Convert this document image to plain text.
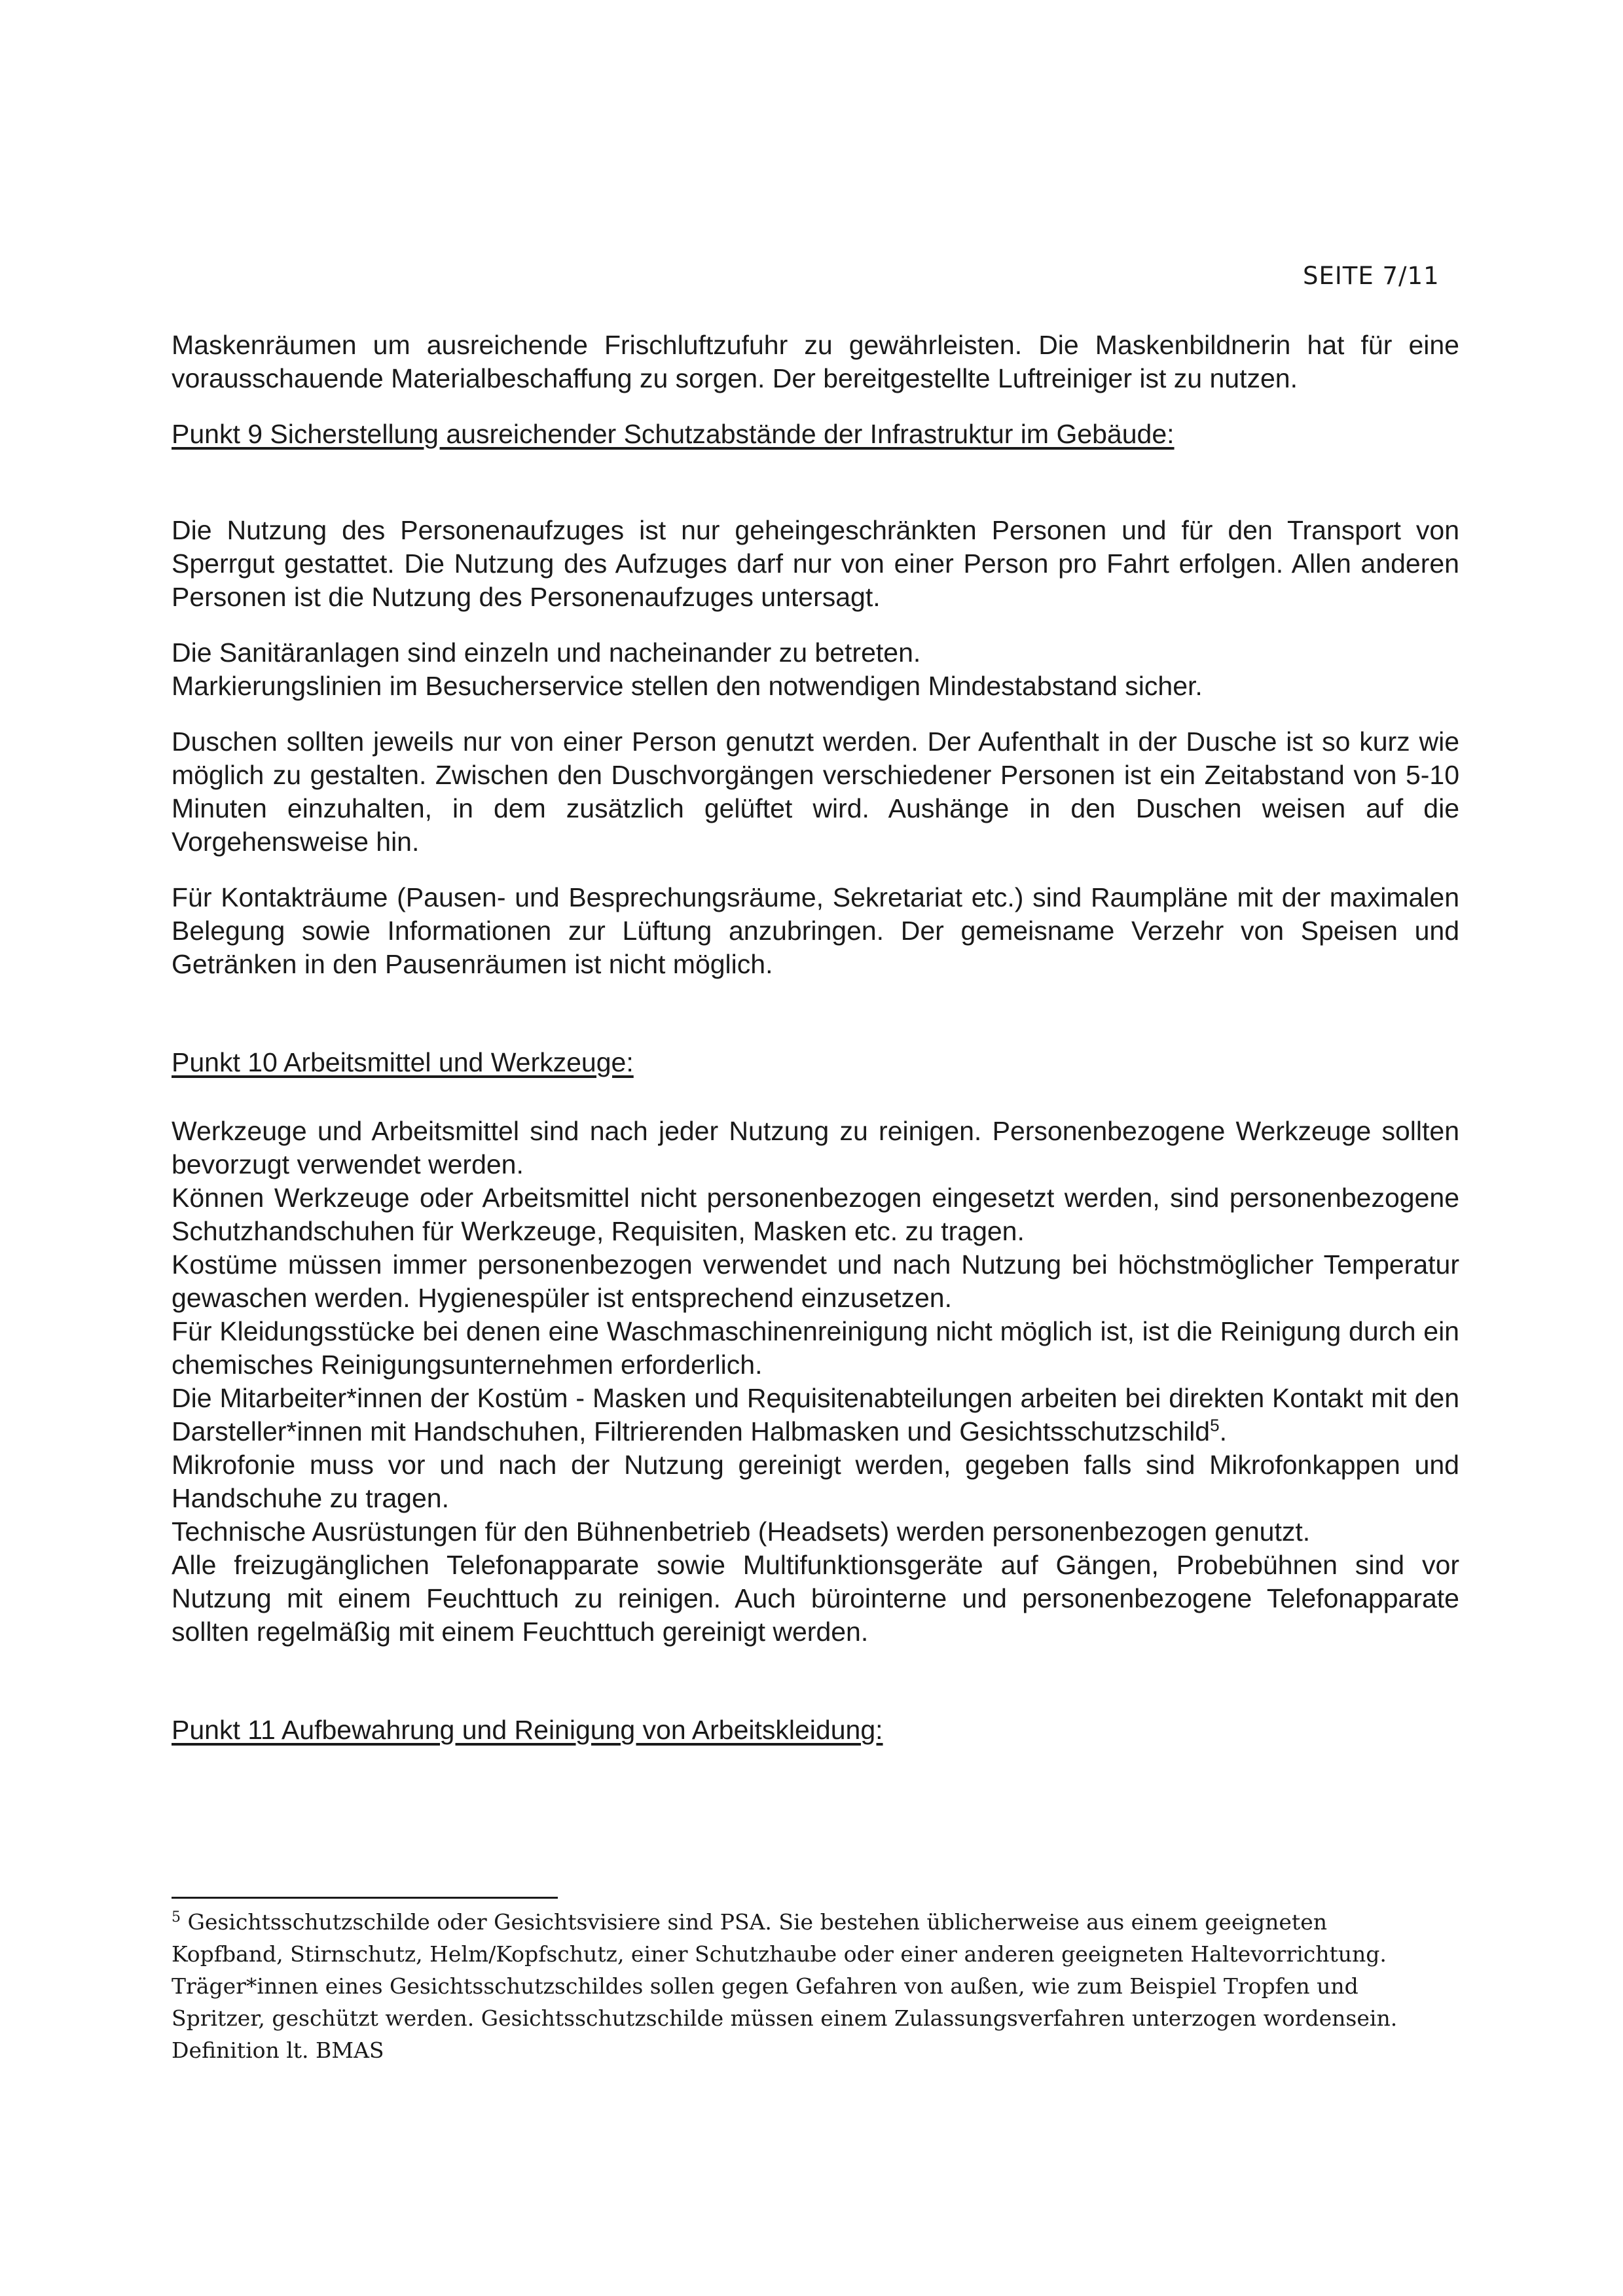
SEITE 7/11

Maskenräumen um ausreichende Frischluftzufuhr zu gewährleisten. Die Maskenbildnerin hat für eine vorausschauende Materialbeschaffung zu sorgen. Der bereitgestellte Luftreiniger ist zu nutzen.

Punkt 9 Sicherstellung ausreichender Schutzabstände der Infrastruktur im Gebäude:

Die Nutzung des Personenaufzuges ist nur geheingeschränkten Personen und für den Transport von Sperrgut gestattet. Die Nutzung des Aufzuges darf nur von einer Person pro Fahrt erfolgen. Allen anderen Personen ist die Nutzung des Personenaufzuges untersagt.

Die Sanitäranlagen sind einzeln und nacheinander zu betreten.

Markierungslinien im Besucherservice stellen den notwendigen Mindestabstand sicher.

Duschen sollten jeweils nur von einer Person genutzt werden. Der Aufenthalt in der Dusche ist so kurz wie möglich zu gestalten. Zwischen den Duschvorgängen verschiedener Personen ist ein Zeitabstand von 5-10 Minuten einzuhalten, in dem zusätzlich gelüftet wird. Aushänge in den Duschen weisen auf die Vorgehensweise hin.

Für Kontakträume (Pausen- und Besprechungsräume, Sekretariat etc.) sind Raumpläne mit der maximalen Belegung sowie Informationen zur Lüftung anzubringen. Der gemeisname Verzehr von Speisen und Getränken in den Pausenräumen ist nicht möglich.

Punkt 10 Arbeitsmittel und Werkzeuge:

Werkzeuge und Arbeitsmittel sind nach jeder Nutzung zu reinigen. Personenbezogene Werkzeuge sollten bevorzugt verwendet werden.

Können Werkzeuge oder Arbeitsmittel nicht personenbezogen eingesetzt werden, sind personenbezogene Schutzhandschuhen für Werkzeuge, Requisiten, Masken etc. zu tragen.

Kostüme müssen immer personenbezogen verwendet und nach Nutzung bei höchstmöglicher Temperatur gewaschen werden. Hygienespüler ist entsprechend einzusetzen.

Für Kleidungsstücke bei denen eine Waschmaschinenreinigung nicht möglich ist, ist die Reinigung durch ein chemisches Reinigungsunternehmen erforderlich.

Die Mitarbeiter*innen der Kostüm - Masken und Requisitenabteilungen arbeiten bei direkten Kontakt mit den Darsteller*innen mit Handschuhen, Filtrierenden Halbmasken und Gesichtsschutzschild$^5$.

Mikrofonie muss vor und nach der Nutzung gereinigt werden, gegeben falls sind Mikrofonkappen und Handschuhe zu tragen.

Technische Ausrüstungen für den Bühnenbetrieb (Headsets) werden personenbezogen genutzt.

Alle freizugänglichen Telefonapparate sowie Multifunktionsgeräte auf Gängen, Probebühnen sind vor Nutzung mit einem Feuchttuch zu reinigen. Auch bürointerne und personenbezogene Telefonapparate sollten regelmäßig mit einem Feuchttuch gereinigt werden.

Punkt 11 Aufbewahrung und Reinigung von Arbeitskleidung:

$^5$ Gesichtsschutzschilde oder Gesichtsvisiere sind PSA. Sie bestehen üblicherweise aus einem geeigneten Kopfband, Stirnschutz, Helm/Kopfschutz, einer Schutzhaube oder einer anderen geeigneten Haltevorrichtung. Träger*innen eines Gesichtsschutzschildes sollen gegen Gefahren von außen, wie zum Beispiel Tropfen und Spritzer, geschützt werden. Gesichtsschutzschilde müssen einem Zulassungsverfahren unterzogen wordensein. Definition lt. BMAS
